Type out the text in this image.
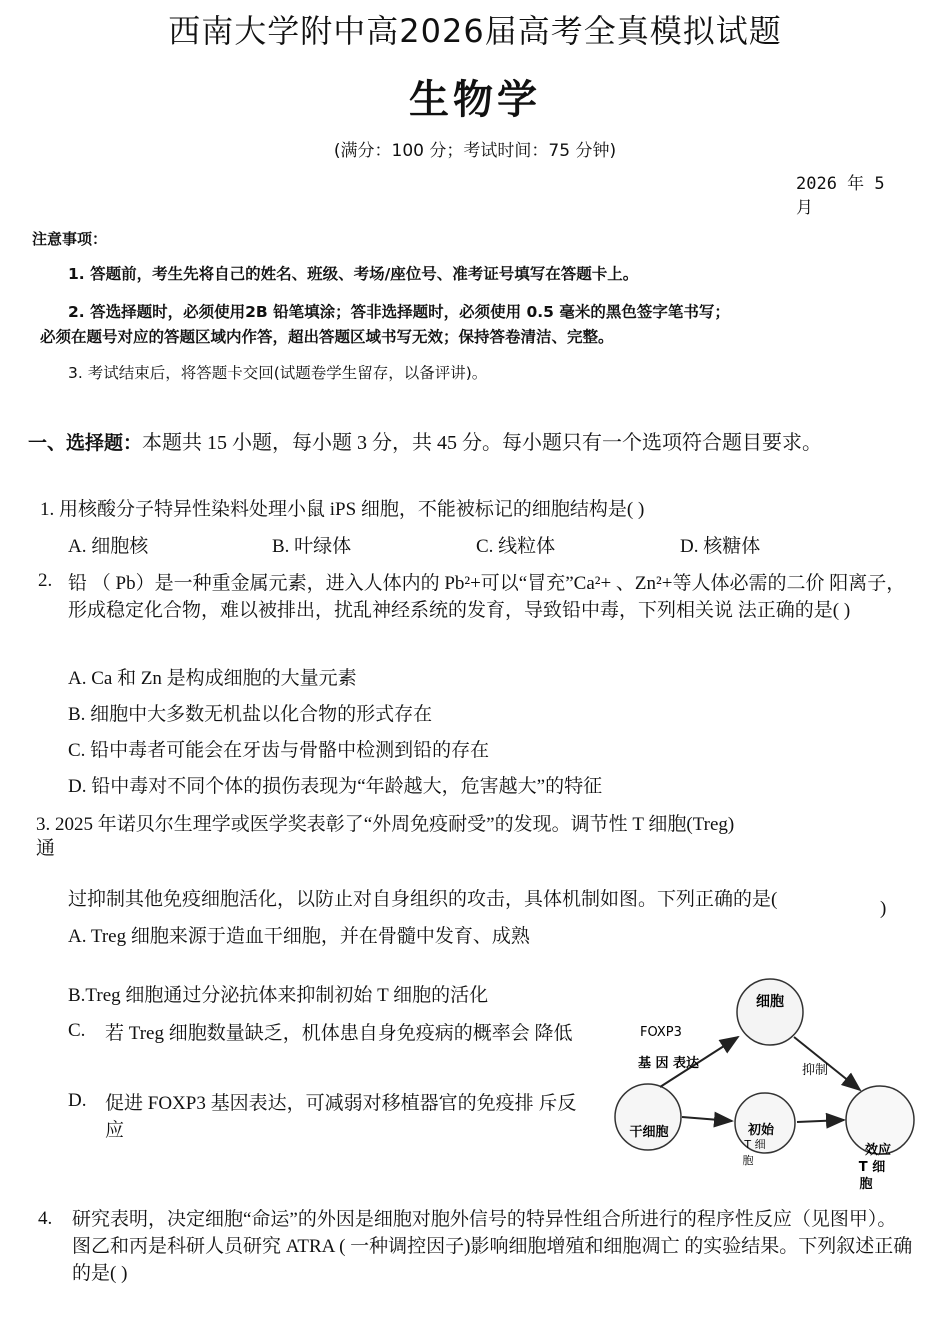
西南大学附中高2026届高考全真模拟试题
生物学
(满分：100 分；考试时间：75 分钟)
2026 年 5 月
注意事项：
1. 答题前，考生先将自己的姓名、班级、考场/座位号、准考证号填写在答题卡上。
2. 答选择题时，必须使用2B 铅笔填涂；答非选择题时，必须使用 0.5 毫米的黑色签字笔书写；
必须在题号对应的答题区域内作答，超出答题区域书写无效；保持答卷清洁、完整。
3. 考试结束后，将答题卡交回(试题卷学生留存，以备评讲)。
一、选择题：本题共 15 小题，每小题 3 分，共 45 分。每小题只有一个选项符合题目要求。
1. 用核酸分子特异性染料处理小鼠 iPS 细胞，不能被标记的细胞结构是( )
A. 细胞核	B. 叶绿体	C. 线粒体	D. 核糖体
2. 铅 （ Pb）是一种重金属元素，进入人体内的 Pb²+可以“冒充”Ca²+ 、Zn²+等人体必需的二价 阳离子，形成稳定化合物，难以被排出，扰乱神经系统的发育，导致铅中毒，下列相关说 法正确的是( )
A. Ca 和 Zn 是构成细胞的大量元素
B. 细胞中大多数无机盐以化合物的形式存在
C. 铅中毒者可能会在牙齿与骨骼中检测到铅的存在
D. 铅中毒对不同个体的损伤表现为“年龄越大，危害越大”的特征
3. 2025 年诺贝尔生理学或医学奖表彰了“外周免疫耐受”的发现。调节性 T 细胞(Treg)
通
过抑制其他免疫细胞活化，以防止对自身组织的攻击，具体机制如图。下列正确的是(	)
A. Treg 细胞来源于造血干细胞，并在骨髓中发育、成熟
B.Treg 细胞通过分泌抗体来抑制初始 T 细胞的活化
C. 若 Treg 细胞数量缺乏，机体患自身免疫病的概率会 降低
D. 促进 FOXP3 基因表达，可减弱对移植器官的免疫排 斥反应
细胞
FOXP3
基 因 表达	抑制
干细胞	初始
T 细
胞
效应
T 细
胞
4. 研究表明，决定细胞“命运”的外因是细胞对胞外信号的特异性组合所进行的程序性反应（见图甲）。图乙和丙是科研人员研究 ATRA ( 一种调控因子)影响细胞增殖和细胞凋亡 的实验结果。下列叙述正确的是( )
